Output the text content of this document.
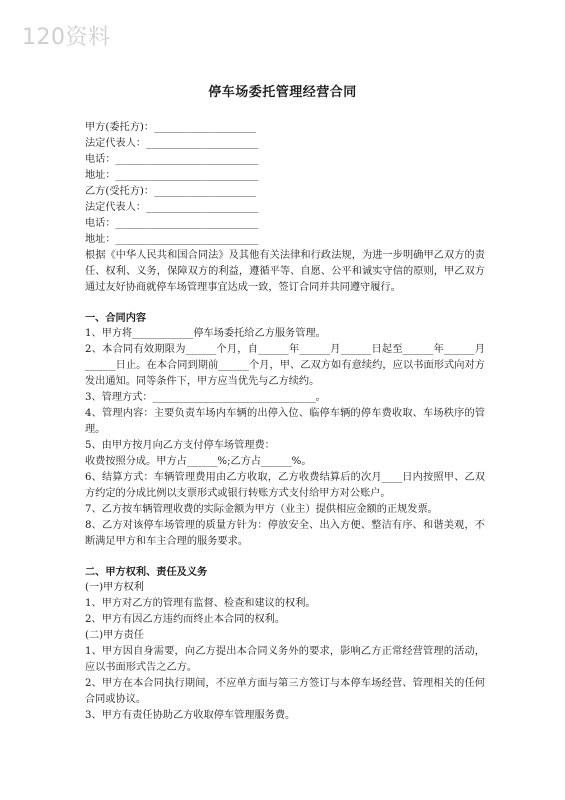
120资料
停车场委托管理经营合同
甲方(委托方)：____________________
法定代表人：______________________
电话：____________________________
地址：____________________________
乙方(受托方)：____________________
法定代表人：______________________
电话：____________________________
地址：____________________________
根据《中华人民共和国合同法》及其他有关法律和行政法规，为进一步明确甲乙双方的责任、权利、义务，保障双方的利益，遵循平等、自愿、公平和诚实守信的原则，甲乙双方通过友好协商就停车场管理事宜达成一致，签订合同并共同遵守履行。
一、合同内容
1、甲方将____________停车场委托给乙方服务管理。
2、本合同有效期限为______个月，自______年______月______日起至______年______月______日止。在本合同到期前______个月，甲、乙双方如有意续约，应以书面形式向对方发出通知。同等条件下，甲方应当优先与乙方续约。
3、管理方式：________________________________。
4、管理内容：主要负责车场内车辆的出停入位、临停车辆的停车费收取、车场秩序的管理。
5、由甲方按月向乙方支付停车场管理费：
收费按照分成。甲方占______%;乙方占______%。
6、结算方式：车辆管理费用由乙方收取，乙方收费结算后的次月____日内按照甲、乙双方约定的分成比例以支票形式或银行转账方式支付给甲方对公账户。
7、乙方按车辆管理收费的实际金额为甲方（业主）提供相应金额的正规发票。
8、乙方对该停车场管理的质量方针为：停放安全、出入方便、整洁有序、和谐美观，不断满足甲方和车主合理的服务要求。
二、甲方权利、责任及义务
(一)甲方权利
1、甲方对乙方的管理有监督、检查和建议的权利。
2、甲方有因乙方违约而终止本合同的权利。
(二)甲方责任
1、甲方因自身需要，向乙方提出本合同义务外的要求，影响乙方正常经营管理的活动，应以书面形式告之乙方。
2、甲方在本合同执行期间，不应单方面与第三方签订与本停车场经营、管理相关的任何合同或协议。
3、甲方有责任协助乙方收取停车管理服务费。
